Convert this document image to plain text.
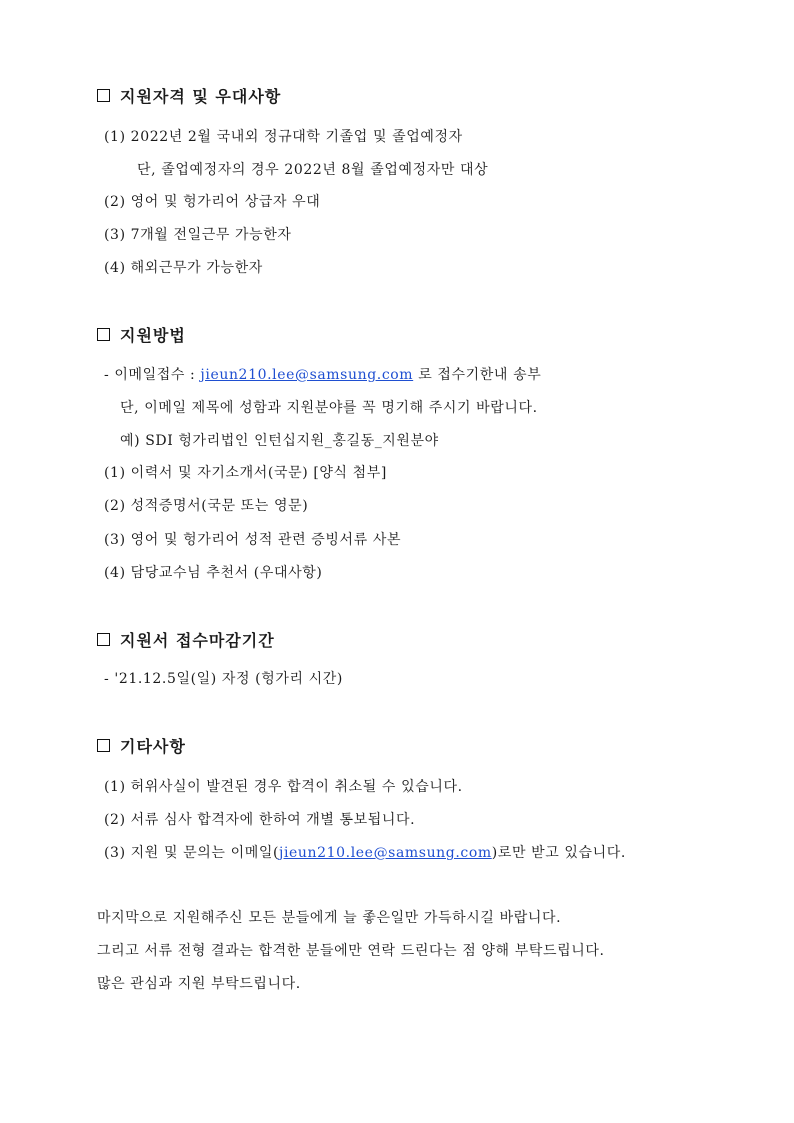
지원자격 및 우대사항
(1) 2022년 2월 국내외 정규대학 기졸업 및 졸업예정자
단, 졸업예정자의 경우 2022년 8월 졸업예정자만 대상
(2) 영어 및 헝가리어 상급자 우대
(3) 7개월 전일근무 가능한자
(4) 해외근무가 가능한자
지원방법
- 이메일접수 : jieun210.lee@samsung.com 로 접수기한내 송부
단, 이메일 제목에 성함과 지원분야를 꼭 명기해 주시기 바랍니다.
예) SDI 헝가리법인 인턴십지원_홍길동_지원분야
(1) 이력서 및 자기소개서(국문) [양식 첨부]
(2) 성적증명서(국문 또는 영문)
(3) 영어 및 헝가리어 성적 관련 증빙서류 사본
(4) 담당교수님 추천서 (우대사항)
지원서 접수마감기간
- '21.12.5일(일) 자정 (헝가리 시간)
기타사항
(1) 허위사실이 발견된 경우 합격이 취소될 수 있습니다.
(2) 서류 심사 합격자에 한하여 개별 통보됩니다.
(3) 지원 및 문의는 이메일(jieun210.lee@samsung.com)로만 받고 있습니다.
마지막으로 지원해주신 모든 분들에게 늘 좋은일만 가득하시길 바랍니다.
그리고 서류 전형 결과는 합격한 분들에만 연락 드린다는 점 양해 부탁드립니다.
많은 관심과 지원 부탁드립니다.
